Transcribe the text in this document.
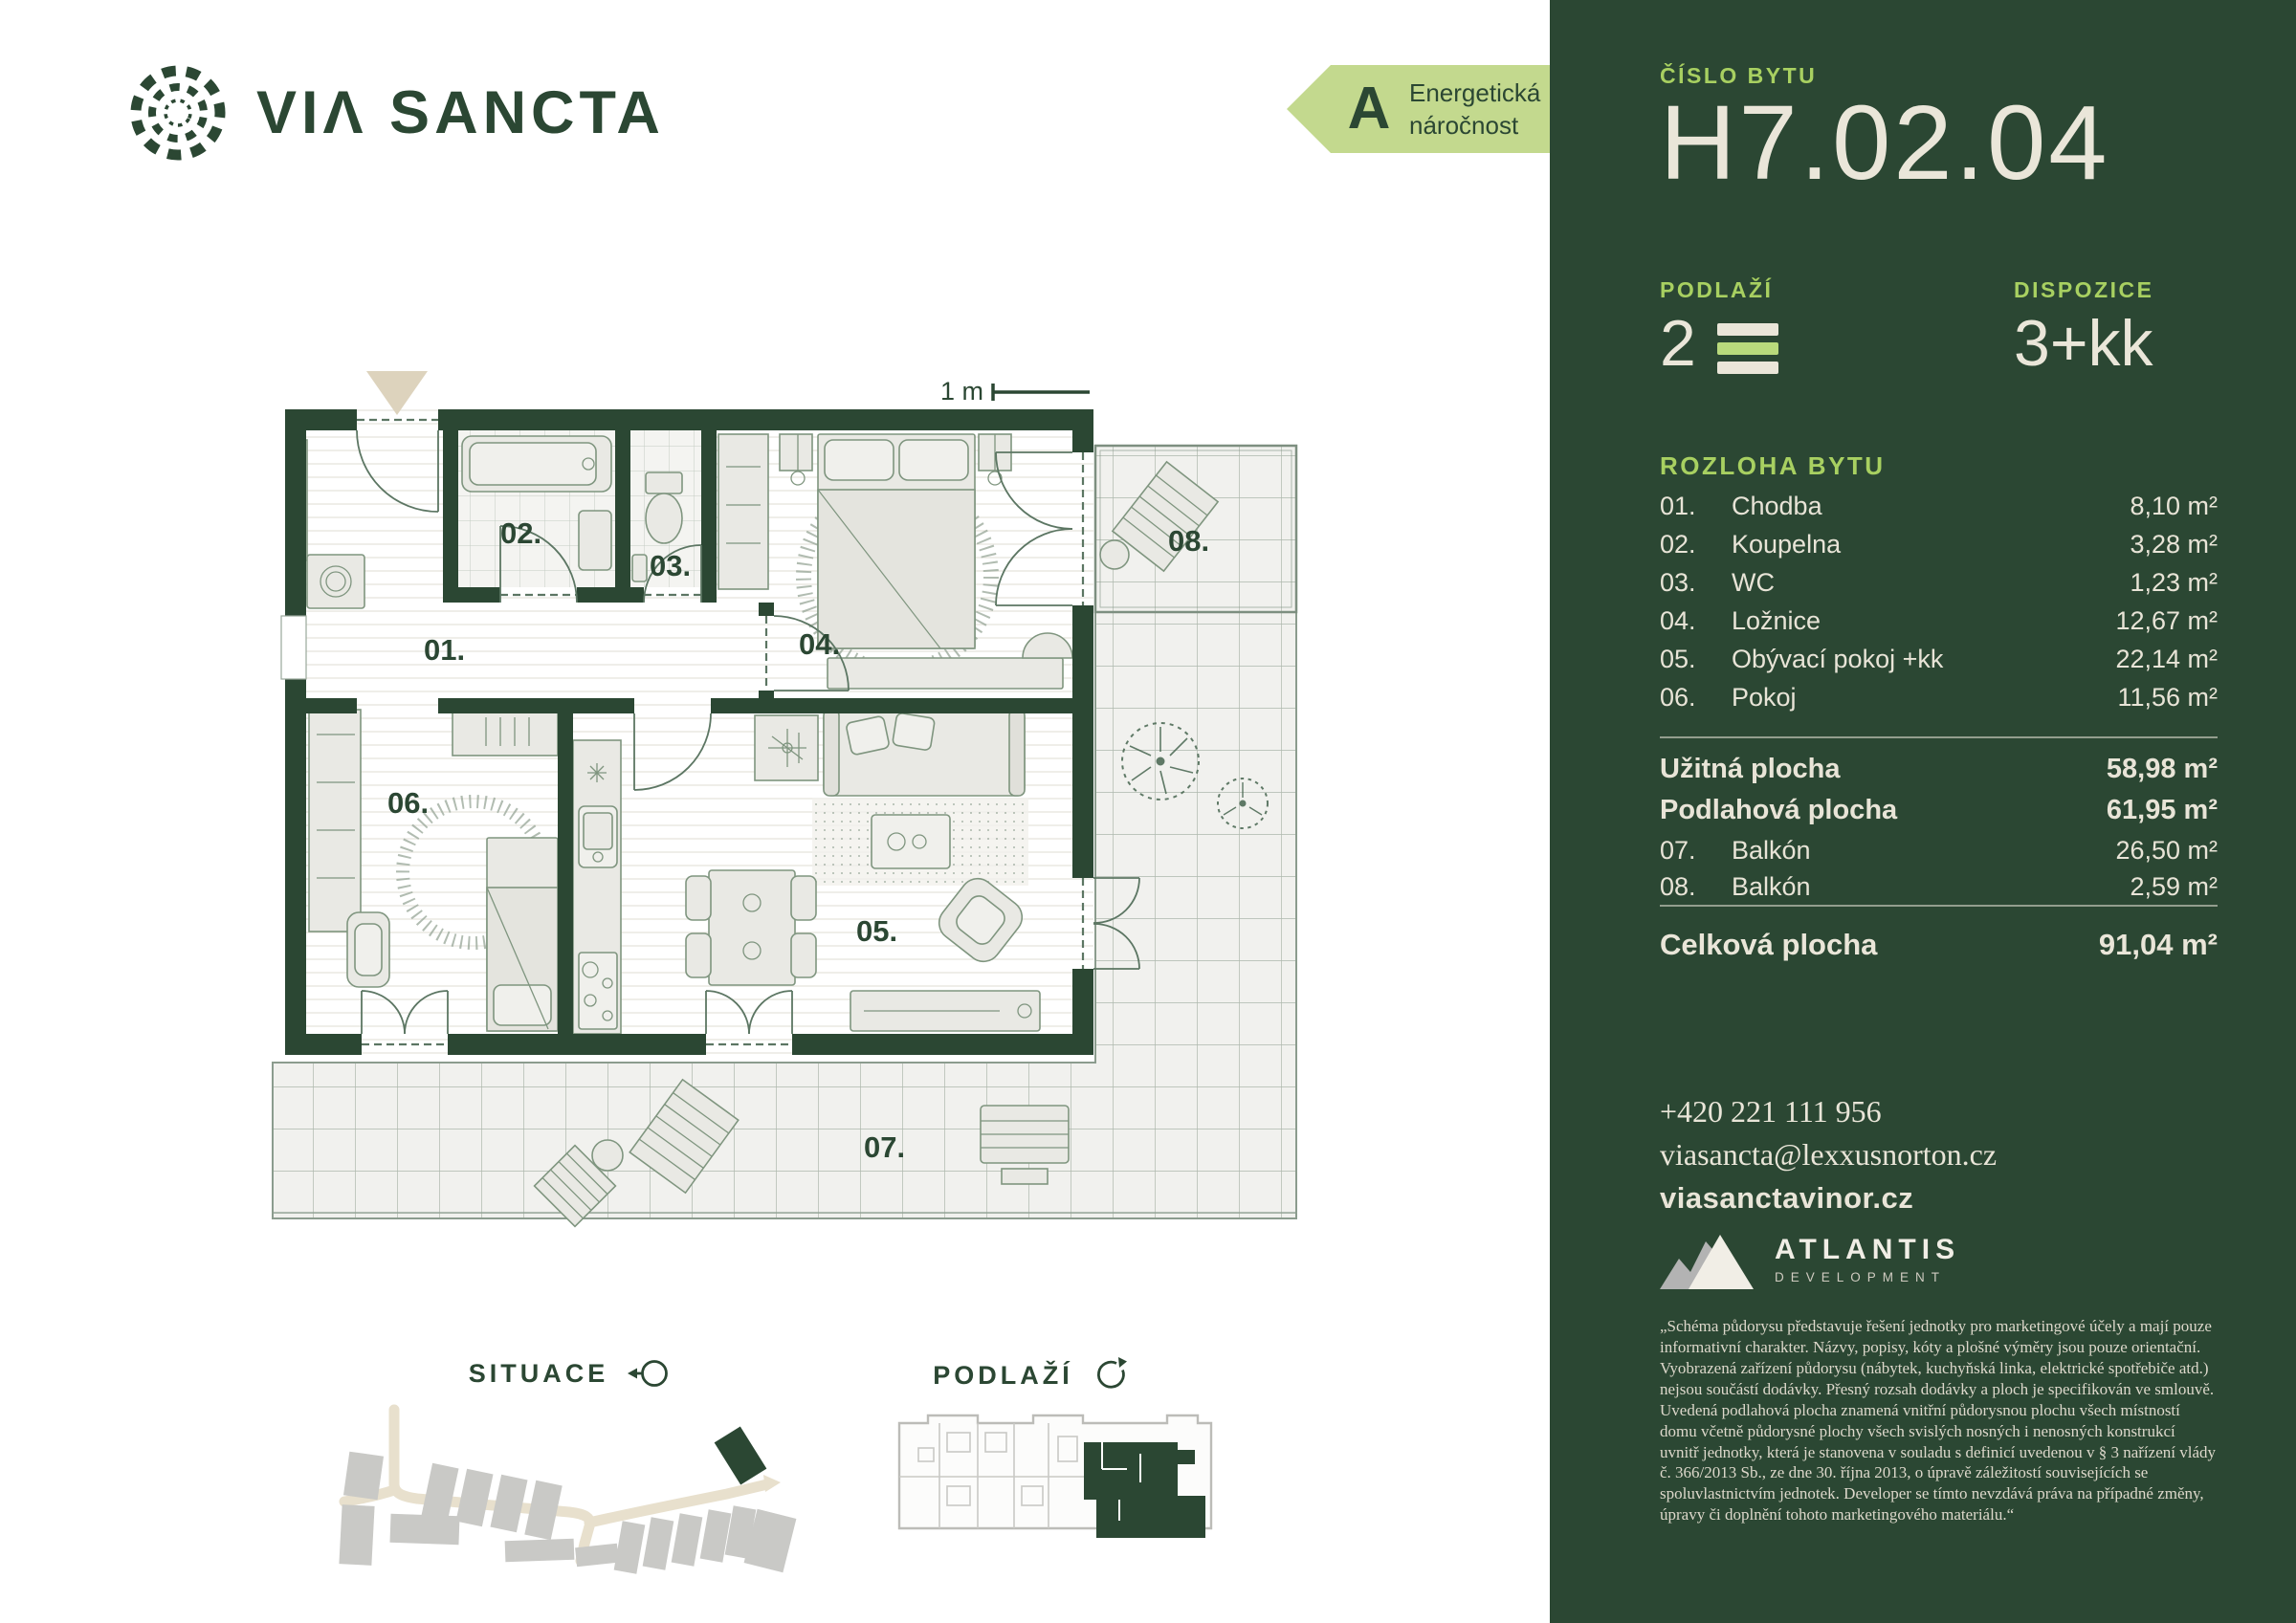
VIΛ SANCTA	A Energetická
náročnost
1 m
01.
02.
03.
04.
05.
06.
07.
08.
SITUACE	PODLAŽÍ
ČÍSLO BYTU
H7.02.04
PODLAŽÍ	DISPOZICE
2	3+kk
ROZLOHA BYTU
01.	Chodba	8,10 m²
02.	Koupelna	3,28 m²
03.	WC	1,23 m²
04.	Ložnice	12,67 m²
05.	Obývací pokoj +kk	22,14 m²
06.	Pokoj	11,56 m²
Užitná plocha	58,98 m²
Podlahová plocha	61,95 m²
07.	Balkón	26,50 m²
08.	Balkón	2,59 m²
Celková plocha	91,04 m²
+420 221 111 956
viasancta@lexxusnorton.cz
viasanctavinor.cz
ATLANTIS
DEVELOPMENT
„Schéma půdorysu představuje řešení jednotky pro marketingové účely a mají pouze informativní charakter. Názvy, popisy, kóty a plošné výměry jsou pouze orientační. Vyobrazená zařízení půdorysu (nábytek, kuchyňská linka, elektrické spotřebiče atd.) nejsou součástí dodávky. Přesný rozsah dodávky a ploch je specifikován ve smlouvě. Uvedená podlahová plocha znamená vnitřní půdorysnou plochu všech místností domu včetně půdorysné plochy všech svislých nosných i nenosných konstrukcí uvnitř jednotky, která je stanovena v souladu s definicí uvedenou v § 3 nařízení vlády č. 366/2013 Sb., ze dne 30. října 2013, o úpravě záležitostí souvisejících se spoluvlastnictvím jednotek. Developer se tímto nevzdává práva na případné změny, úpravy či doplnění tohoto marketingového materiálu.“
